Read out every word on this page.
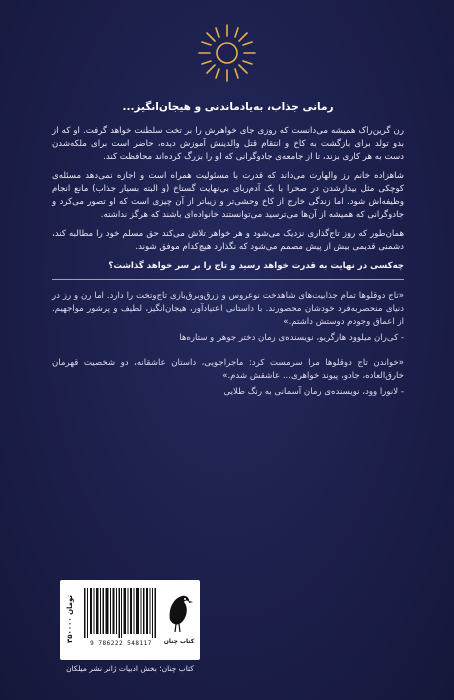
رمانی جذاب، به‌یادماندنی و هیجان‌انگیز...

رن گرین‌راک همیشه می‌دانست که روزی جای خواهرش را بر تخت سلطنت خواهد گرفت. او که از بدو تولد برای بازگشت به کاخ و انتقام قتل والدینش آموزش دیده، حاضر است برای ملکه‌شدن دست به هر کاری بزند، تا از جامعه‌ی جادوگرانی که او را بزرگ کرده‌اند محافظت کند.

شاهزاده خانم رز والهارت می‌داند که قدرت با مسئولیت همراه است و اجازه نمی‌دهد مسئله‌ی کوچکی مثل بیدارشدن در صحرا با یک آدم‌ربای بی‌نهایت گستاخ (و البته بسیار جذاب) مانع انجام وظیفه‌اش شود. اما زندگی خارج از کاخ وحشی‌تر و زیباتر از آن چیزی است که او تصور می‌کرد و جادوگرانی که همیشه از آن‌ها می‌ترسید می‌توانستند خانواده‌ای باشند که هرگز نداشته.

همان‌طور که روز تاج‌گذاری نزدیک می‌شود و هر خواهر تلاش می‌کند حق مسلم خود را مطالبه کند، دشمنی قدیمی بیش از پیش مصمم می‌شود که نگذارد هیچ‌کدام موفق شوند.

چه‌کسی در نهایت به قدرت خواهد رسید و تاج را بر سر خواهد گذاشت؟

«تاج دوقلوها تمام جذابیت‌های شاهدخت نوعروس و زرق‌وبرق‌بازی تاج‌وتخت را دارد. اما رن و رز در دنیای منحصربه‌فرد خودشان محصورند. با داستانی اعتیادآور، هیجان‌انگیز، لطیف و پرشور مواجهیم. از اعماق وجودم دوستش داشتم.»

- کی‌ران میلوود هارگریو، نویسنده‌ی رمان دختر جوهر و ستاره‌ها

«خواندن تاج دوقلوها مرا سرمست کرد: ماجراجویی، داستان عاشقانه، دو شخصیت قهرمان خارق‌العاده، جادو، پیوند خواهری... عاشقش شدم.»

- لانورا وود، نویسنده‌ی رمان آسمانی به رنگ طلایی

۳۵۰۰۰۰ تومان
9 786222 548117	کتاب چنان
کتاب چنان؛ بخش ادبیات ژانر نشر میلکان
